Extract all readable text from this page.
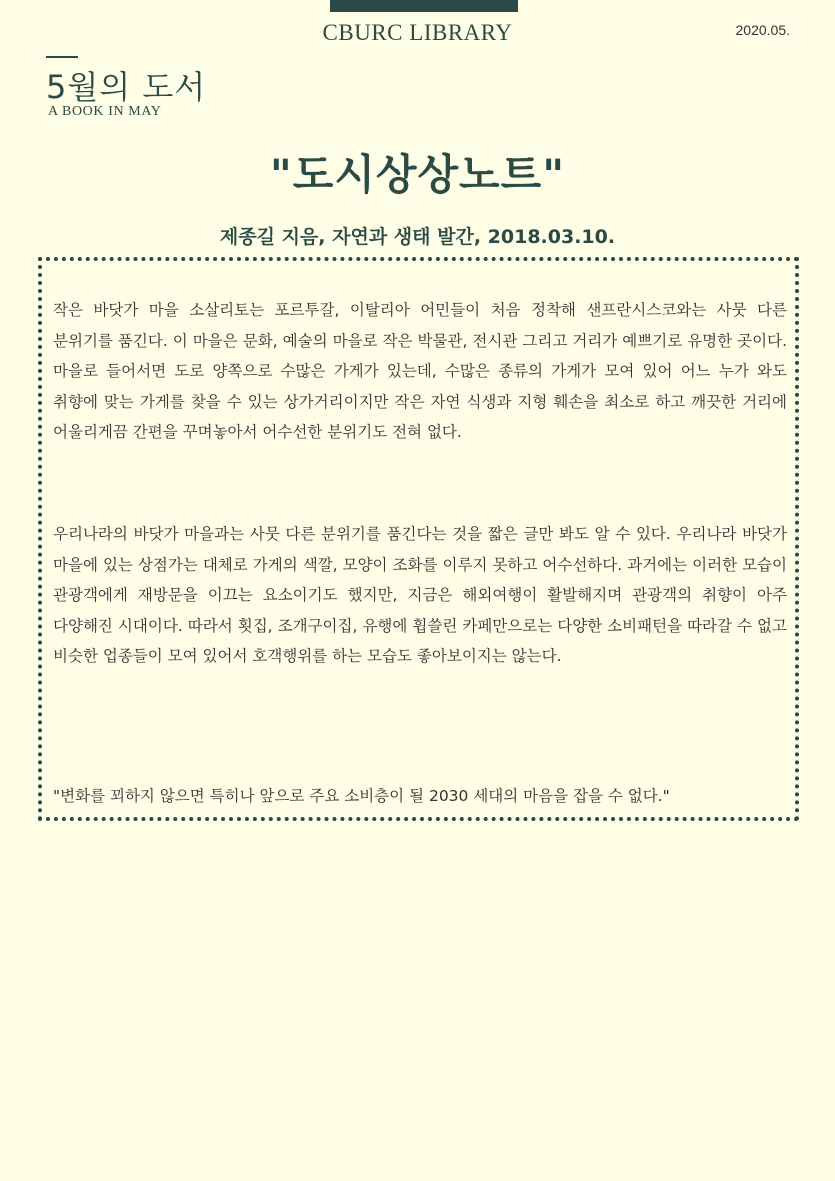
CBURC LIBRARY	2020.05.
5월의 도서
A BOOK IN MAY
"도시상상노트"
제종길 지음, 자연과 생태 발간, 2018.03.10.

작은 바닷가 마을 소살리토는 포르투갈, 이탈리아 어민들이 처음 정착해 샌프란시스코와는 사뭇 다른 분위기를 품긴다. 이 마을은 문화, 예술의 마을로 작은 박물관, 전시관 그리고 거리가 예쁘기로 유명한 곳이다. 마을로 들어서면 도로 양쪽으로 수많은 가게가 있는데, 수많은 종류의 가게가 모여 있어 어느 누가 와도 취향에 맞는 가게를 찾을 수 있는 상가거리이지만 작은 자연 식생과 지형 훼손을 최소로 하고 깨끗한 거리에 어울리게끔 간편을 꾸며놓아서 어수선한 분위기도 전혀 없다.

우리나라의 바닷가 마을과는 사뭇 다른 분위기를 품긴다는 것을 짧은 글만 봐도 알 수 있다. 우리나라 바닷가 마을에 있는 상점가는 대체로 가게의 색깔, 모양이 조화를 이루지 못하고 어수선하다. 과거에는 이러한 모습이 관광객에게 재방문을 이끄는 요소이기도 했지만, 지금은 해외여행이 활발해지며 관광객의 취향이 아주 다양해진 시대이다. 따라서 횟집, 조개구이집, 유행에 휩쓸린 카페만으로는 다양한 소비패턴을 따라갈 수 없고 비슷한 업종들이 모여 있어서 호객행위를 하는 모습도 좋아보이지는 않는다.

"변화를 꾀하지 않으면 특히나 앞으로 주요 소비층이 될 2030 세대의 마음을 잡을 수 없다."
